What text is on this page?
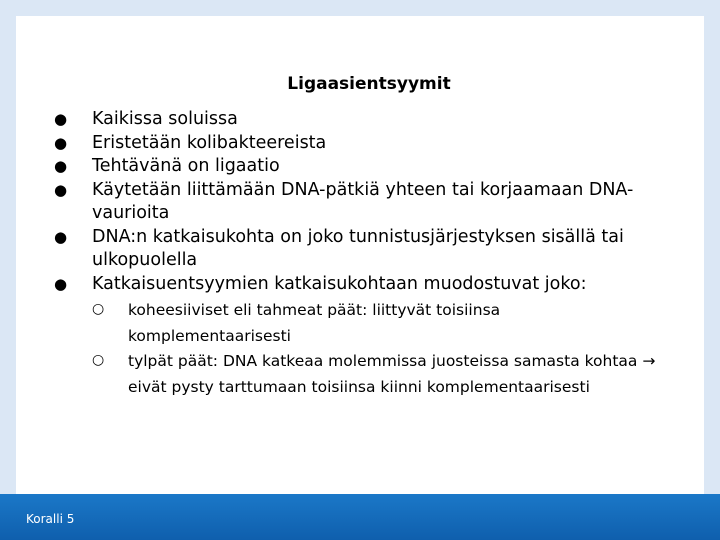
Ligaasientsyymit
● Kaikissa soluissa
● Eristetään kolibakteereista
● Tehtävänä on ligaatio
● Käytetään liittämään DNA-pätkiä yhteen tai korjaamaan DNA-vaurioita
● DNA:n katkaisukohta on joko tunnistusjärjestyksen sisällä tai ulkopuolella
● Katkaisuentsyymien katkaisukohtaan muodostuvat joko:
○ koheesiiviset eli tahmeat päät: liittyvät toisiinsa komplementaarisesti
○ tylpät päät: DNA katkeaa molemmissa juosteissa samasta kohtaa → eivät pysty tarttumaan toisiinsa kiinni komplementaarisesti
Koralli 5
